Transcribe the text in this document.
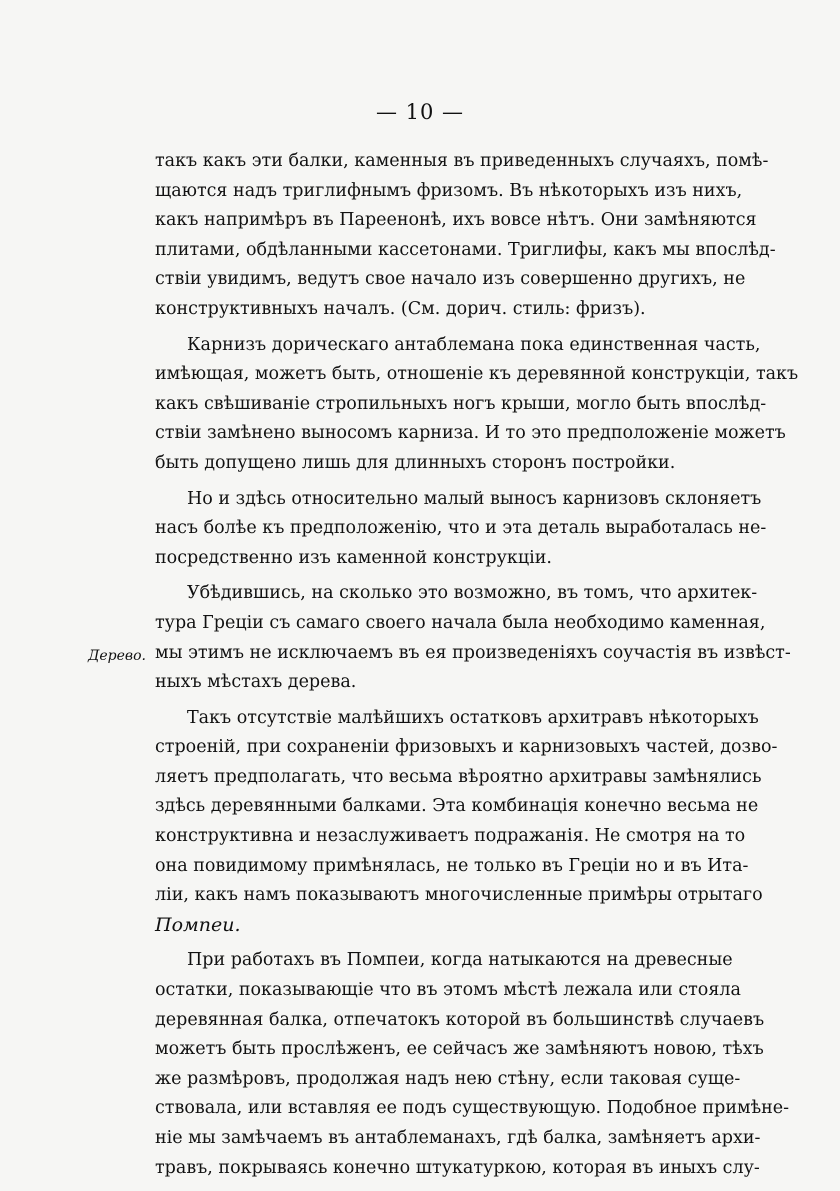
— 10 —
Дерево.
такъ какъ эти балки, каменныя въ приведенныхъ случаяхъ, помѣ-
щаются надъ триглифнымъ фризомъ. Въ нѣкоторыхъ изъ нихъ,
какъ напримѣръ въ Пареенонѣ, ихъ вовсе нѣтъ. Они замѣняются
плитами, обдѣланными кассетонами. Триглифы, какъ мы впослѣд-
ствіи увидимъ, ведутъ свое начало изъ совершенно другихъ, не
конструктивныхъ началъ. (См. дорич. стиль: фризъ).
Карнизъ дорическаго антаблемана пока единственная часть,
имѣющая, можетъ быть, отношеніе къ деревянной конструкціи, такъ
какъ свѣшиваніе стропильныхъ ногъ крыши, могло быть впослѣд-
ствіи замѣнено выносомъ карниза. И то это предположеніе можетъ
быть допущено лишь для длинныхъ сторонъ постройки.
Но и здѣсь относительно малый выносъ карнизовъ склоняетъ
насъ болѣе къ предположенію, что и эта деталь выработалась не-
посредственно изъ каменной конструкціи.
Убѣдившись, на сколько это возможно, въ томъ, что архитек-
тура Греціи съ самаго своего начала была необходимо каменная,
мы этимъ не исключаемъ въ ея произведеніяхъ соучастія въ извѣст-
ныхъ мѣстахъ дерева.
Такъ отсутствіе малѣйшихъ остатковъ архитравъ нѣкоторыхъ
строеній, при сохраненіи фризовыхъ и карнизовыхъ частей, дозво-
ляетъ предполагать, что весьма вѣроятно архитравы замѣнялись
здѣсь деревянными балками. Эта комбинація конечно весьма не
конструктивна и незаслуживаетъ подражанія. Не смотря на то
она повидимому примѣнялась, не только въ Греціи но и въ Ита-
ліи, какъ намъ показываютъ многочисленные примѣры отрытаго
Помпеи.
При работахъ въ Помпеи, когда натыкаются на древесные
остатки, показывающіе что въ этомъ мѣстѣ лежала или стояла
деревянная балка, отпечатокъ которой въ большинствѣ случаевъ
можетъ быть прослѣженъ, ее сейчасъ же замѣняютъ новою, тѣхъ
же размѣровъ, продолжая надъ нею стѣну, если таковая суще-
ствовала, или вставляя ее подъ существующую. Подобное примѣне-
ніе мы замѣчаемъ въ антаблеманахъ, гдѣ балка, замѣняетъ архи-
травъ, покрываясь конечно штукатуркою, которая въ иныхъ слу-
